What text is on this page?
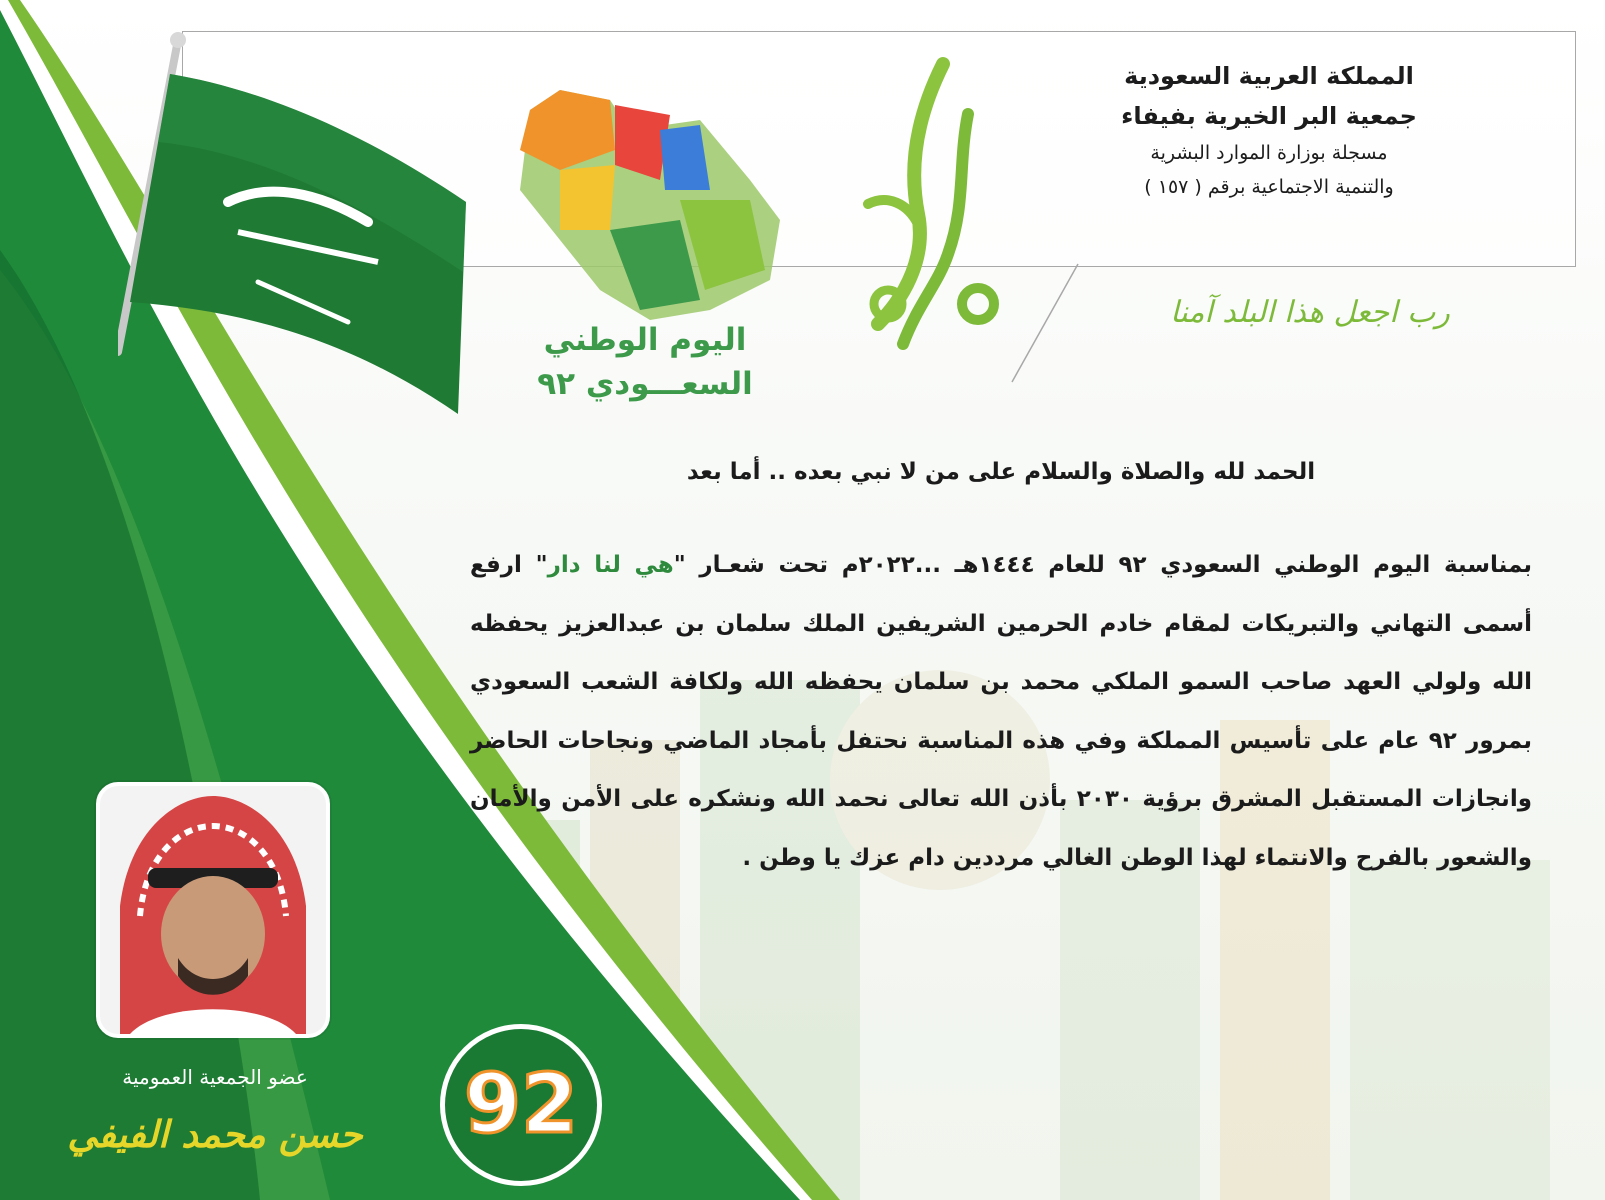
المملكة العربية السعودية
جمعية البر الخيرية بفيفاء
مسجلة بوزارة الموارد البشرية
والتنمية الاجتماعية برقم ( ١٥٧ )
رب اجعل هذا البلد آمنا
اليوم الوطني
السعـــودي ٩٢
الحمد لله والصلاة والسلام على من لا نبي بعده .. أما بعد

بمناسبة اليوم الوطني السعودي ٩٢ للعام ١٤٤٤هـ ...٢٠٢٢م تحت شعـار "هي لنا دار" ارفع أسمى التهاني والتبريكات لمقام خادم الحرمين الشريفين الملك سلمان بن عبدالعزيز يحفظه الله ولولي العهد صاحب السمو الملكي محمد بن سلمان يحفظه الله ولكافة الشعب السعودي بمرور ٩٢ عام على تأسيس المملكة وفي هذه المناسبة نحتفل بأمجاد الماضي ونجاحات الحاضر وانجازات المستقبل المشرق برؤية ٢٠٣٠ بأذن الله تعالى نحمد الله ونشكره على الأمن والأمان والشعور بالفرح والانتماء لهذا الوطن الغالي مرددين دام عزك يا وطن .

عضو الجمعية العمومية
حسن محمد الفيفي	92
